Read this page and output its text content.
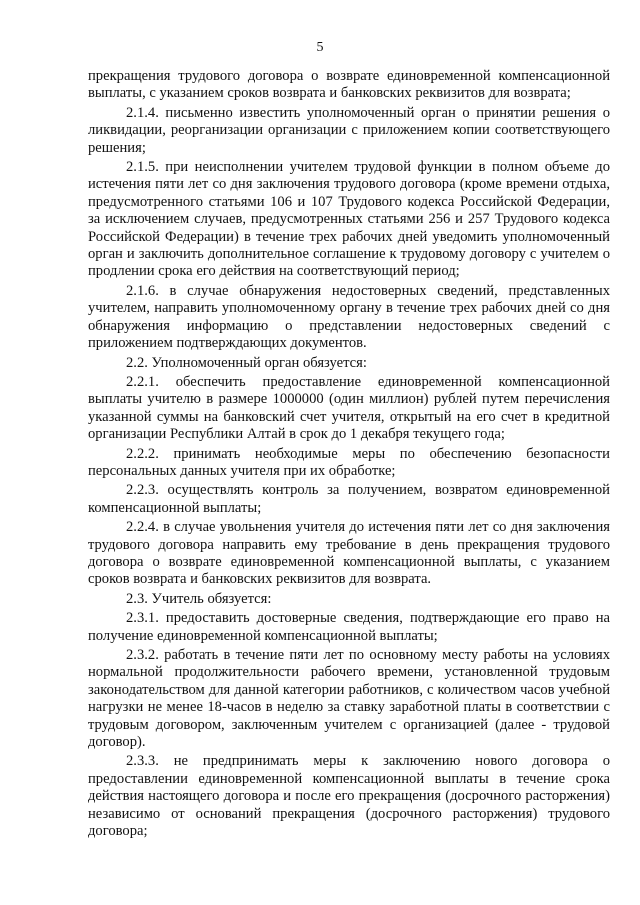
5

прекращения трудового договора о возврате единовременной компенсационной выплаты, с указанием сроков возврата и банковских реквизитов для возврата;

2.1.4. письменно известить уполномоченный орган о принятии решения о ликвидации, реорганизации организации с приложением копии соответствующего решения;

2.1.5. при неисполнении учителем трудовой функции в полном объеме до истечения пяти лет со дня заключения трудового договора (кроме времени отдыха, предусмотренного статьями 106 и 107 Трудового кодекса Российской Федерации, за исключением случаев, предусмотренных статьями 256 и 257 Трудового кодекса Российской Федерации) в течение трех рабочих дней уведомить уполномоченный орган и заключить дополнительное соглашение к трудовому договору с учителем о продлении срока его действия на соответствующий период;

2.1.6. в случае обнаружения недостоверных сведений, представленных учителем, направить уполномоченному органу в течение трех рабочих дней со дня обнаружения информацию о представлении недостоверных сведений с приложением подтверждающих документов.

2.2. Уполномоченный орган обязуется:

2.2.1. обеспечить предоставление единовременной компенсационной выплаты учителю в размере 1000000 (один миллион) рублей путем перечисления указанной суммы на банковский счет учителя, открытый на его счет в кредитной организации Республики Алтай в срок до 1 декабря текущего года;

2.2.2. принимать необходимые меры по обеспечению безопасности персональных данных учителя при их обработке;

2.2.3. осуществлять контроль за получением, возвратом единовременной компенсационной выплаты;

2.2.4. в случае увольнения учителя до истечения пяти лет со дня заключения трудового договора направить ему требование в день прекращения трудового договора о возврате единовременной компенсационной выплаты, с указанием сроков возврата и банковских реквизитов для возврата.

2.3. Учитель обязуется:

2.3.1. предоставить достоверные сведения, подтверждающие его право на получение единовременной компенсационной выплаты;

2.3.2. работать в течение пяти лет по основному месту работы на условиях нормальной продолжительности рабочего времени, установленной трудовым законодательством для данной категории работников, с количеством часов учебной нагрузки не менее 18-часов в неделю за ставку заработной платы в соответствии с трудовым договором, заключенным учителем с организацией (далее - трудовой договор).

2.3.3. не предпринимать меры к заключению нового договора о предоставлении единовременной компенсационной выплаты в течение срока действия настоящего договора и после его прекращения (досрочного расторжения) независимо от оснований прекращения (досрочного расторжения) трудового договора;
